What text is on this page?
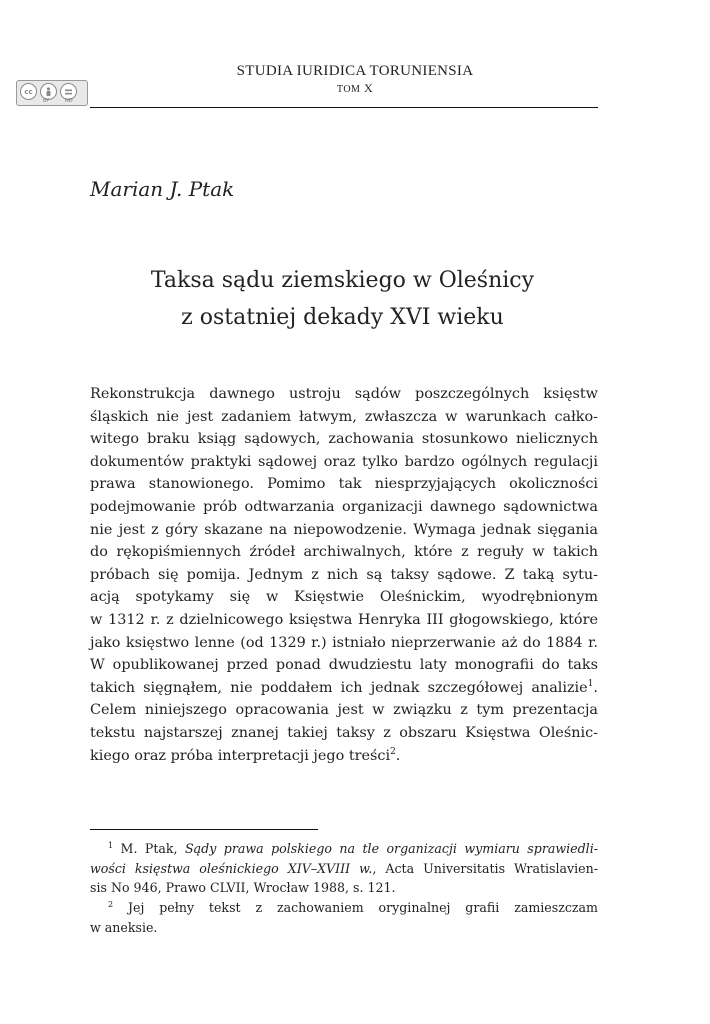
STUDIA IURIDICA TORUNIENSIA
TOM X
cc
BY	ND
Marian J. Ptak
Taksa sądu ziemskiego w Oleśnicy
z ostatniej dekady XVI wieku
Rekonstrukcja dawnego ustroju sądów poszczególnych księstw
śląskich nie jest zadaniem łatwym, zwłaszcza w warunkach całko-
witego braku ksiąg sądowych, zachowania stosunkowo nielicznych
dokumentów praktyki sądowej oraz tylko bardzo ogólnych regulacji
prawa stanowionego. Pomimo tak niesprzyjających okoliczności
podejmowanie prób odtwarzania organizacji dawnego sądownictwa
nie jest z góry skazane na niepowodzenie. Wymaga jednak sięgania
do rękopiśmiennych źródeł archiwalnych, które z reguły w takich
próbach się pomija. Jednym z nich są taksy sądowe. Z taką sytu-
acją spotykamy się w Księstwie Oleśnickim, wyodrębnionym
w 1312 r. z dzielnicowego księstwa Henryka III głogowskiego, które
jako księstwo lenne (od 1329 r.) istniało nieprzerwanie aż do 1884 r.
W opublikowanej przed ponad dwudziestu laty monografii do taks
takich sięgnąłem, nie poddałem ich jednak szczegółowej analizie$^1$.
Celem niniejszego opracowania jest w związku z tym prezentacja
tekstu najstarszej znanej takiej taksy z obszaru Księstwa Oleśnic-
kiego oraz próba interpretacji jego treści$^2$.
$^1$ M. Ptak, Sądy prawa polskiego na tle organizacji wymiaru sprawiedli-
wości księstwa oleśnickiego XIV–XVIII w., Acta Universitatis Wratislavien-
sis No 946, Prawo CLVII, Wrocław 1988, s. 121.
$^2$ Jej pełny tekst z zachowaniem oryginalnej grafii zamieszczam
w aneksie.
